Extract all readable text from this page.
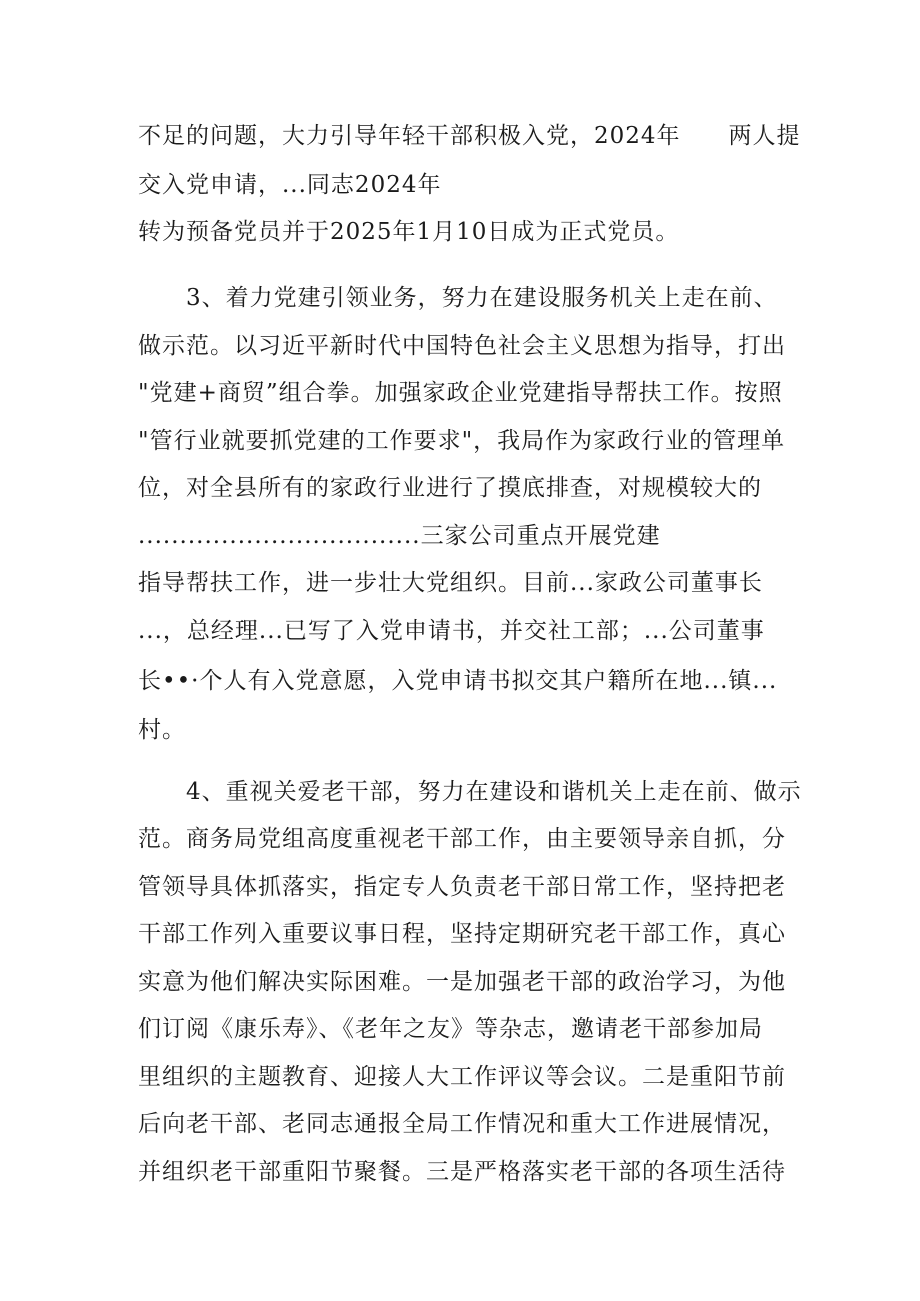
不足的问题，大力引导年轻干部积极入党，2024年　　两人提
交入党申请，...同志2024年
转为预备党员并于2025年1月10日成为正式党员。
3、着力党建引领业务，努力在建设服务机关上走在前、
做示范。以习近平新时代中国特色社会主义思想为指导，打出
"党建+商贸”组合拳。加强家政企业党建指导帮扶工作。按照
"管行业就要抓党建的工作要求"，我局作为家政行业的管理单
位，对全县所有的家政行业进行了摸底排查，对规模较大的
..................................三家公司重点开展党建
指导帮扶工作，进一步壮大党组织。目前...家政公司董事长
...，总经理...已写了入党申请书，并交社工部；...公司董事
长••·个人有入党意愿，入党申请书拟交其户籍所在地...镇...
村。
4、重视关爱老干部，努力在建设和谐机关上走在前、做示
范。商务局党组高度重视老干部工作，由主要领导亲自抓，分
管领导具体抓落实，指定专人负责老干部日常工作，坚持把老
干部工作列入重要议事日程，坚持定期研究老干部工作，真心
实意为他们解决实际困难。一是加强老干部的政治学习，为他
们订阅《康乐寿》、《老年之友》等杂志，邀请老干部参加局
里组织的主题教育、迎接人大工作评议等会议。二是重阳节前
后向老干部、老同志通报全局工作情况和重大工作进展情况，
并组织老干部重阳节聚餐。三是严格落实老干部的各项生活待
